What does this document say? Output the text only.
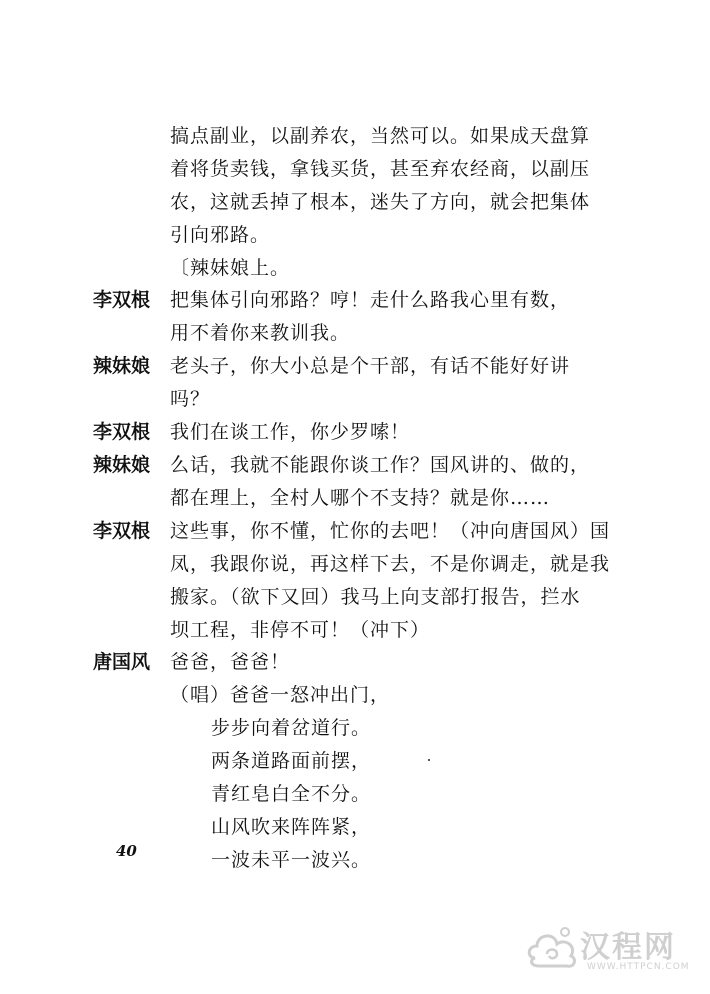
搞点副业，以副养农，当然可以。如果成天盘算
着将货卖钱，拿钱买货，甚至弃农经商，以副压
农，这就丢掉了根本，迷失了方向，就会把集体
引向邪路。
〔辣妹娘上。
李双根 把集体引向邪路？哼！走什么路我心里有数，
用不着你来教训我。
辣妹娘 老头子，你大小总是个干部，有话不能好好讲
吗？
李双根 我们在谈工作，你少罗嗦！
辣妹娘 么话，我就不能跟你谈工作？国风讲的、做的，
都在理上，全村人哪个不支持？就是你……
李双根 这些事，你不懂，忙你的去吧！（冲向唐国风）国
凤，我跟你说，再这样下去，不是你调走，就是我
搬家。（欲下又回）我马上向支部打报告，拦水
坝工程，非停不可！（冲下）
唐国风 爸爸，爸爸！
（唱）爸爸一怒冲出门，
步步向着岔道行。
两条道路面前摆，
青红皂白全不分。
山风吹来阵阵紧，
一波未平一波兴。
40
汉程网
WWW.HTTPCN.COM
